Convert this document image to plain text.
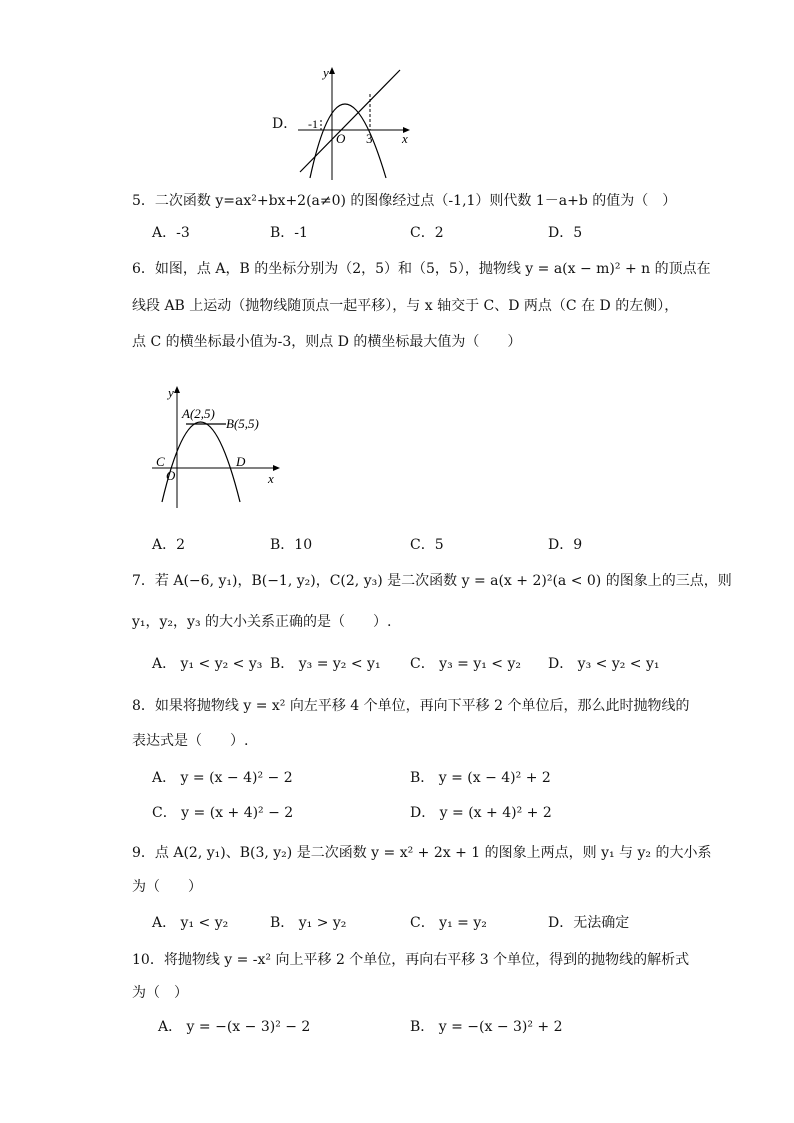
D．
y
x
O
-1
3
5．二次函数 y=ax²+bx+2(a≠0) 的图像经过点（-1,1）则代数 1－a+b 的值为（　）
A．-3	B．-1	C．2	D．5
6．如图，点 A，B 的坐标分别为（2，5）和（5，5），抛物线 y = a(x − m)² + n 的顶点在
线段 AB 上运动（抛物线随顶点一起平移），与 x 轴交于 C、D 两点（C 在 D 的左侧），
点 C 的横坐标最小值为-3，则点 D 的横坐标最大值为（　　）
y
x
A(2,5)
B(5,5)
C	D
O
A．2	B．10	C．5	D．9
7．若 A(−6, y₁)，B(−1, y₂)，C(2, y₃) 是二次函数 y = a(x + 2)²(a < 0) 的图象上的三点，则
y₁，y₂，y₃ 的大小关系正确的是（　　）.
A． y₁ < y₂ < y₃ B． y₃ = y₂ < y₁ C． y₃ = y₁ < y₂ D． y₃ < y₂ < y₁
8．如果将抛物线 y = x² 向左平移 4 个单位，再向下平移 2 个单位后，那么此时抛物线的
表达式是（　　）.
A． y = (x − 4)² − 2	B． y = (x − 4)² + 2
C． y = (x + 4)² − 2	D． y = (x + 4)² + 2
9．点 A(2, y₁)、B(3, y₂) 是二次函数 y = x² + 2x + 1 的图象上两点，则 y₁ 与 y₂ 的大小系
为（　　）
A． y₁ < y₂	B． y₁ > y₂	C． y₁ = y₂	D．无法确定
10．将抛物线 y = -x² 向上平移 2 个单位，再向右平移 3 个单位，得到的抛物线的解析式
为（　）
A． y = −(x − 3)² − 2	B． y = −(x − 3)² + 2
